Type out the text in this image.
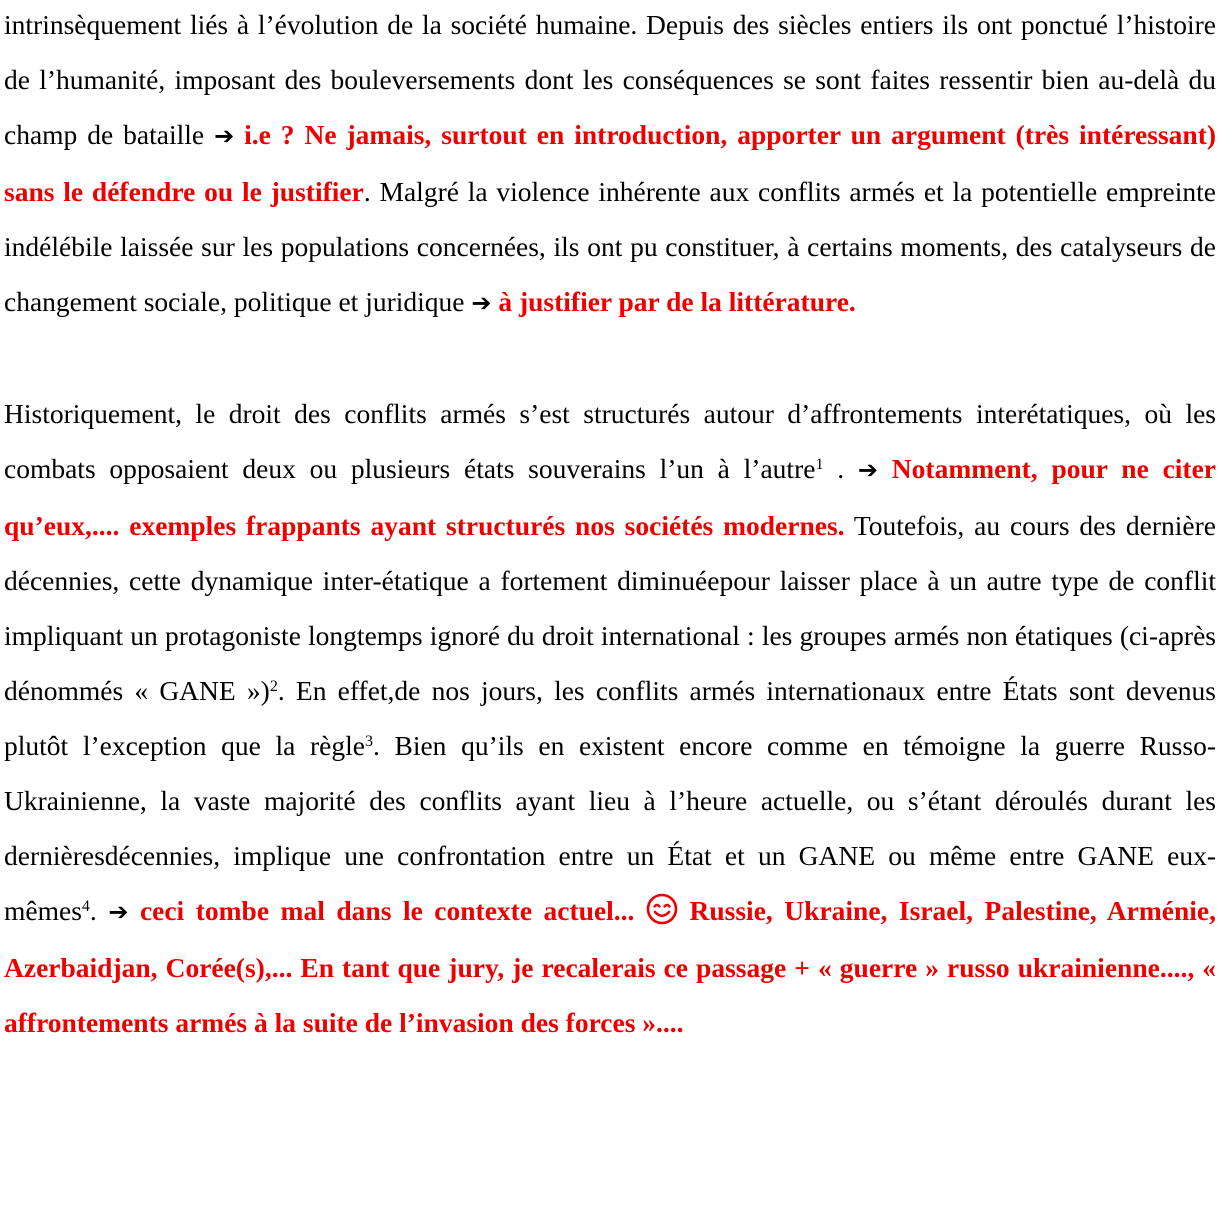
intrinsèquement liés à l’évolution de la société humaine. Depuis des siècles entiers ils ont ponctué l’histoire de l’humanité, imposant des bouleversements dont les conséquences se sont faites ressentir bien au-delà du champ de bataille ➔ i.e ? Ne jamais, surtout en introduction, apporter un argument (très intéressant) sans le défendre ou le justifier. Malgré la violence inhérente aux conflits armés et la potentielle empreinte indélébile laissée sur les populations concernées, ils ont pu constituer, à certains moments, des catalyseurs de changement sociale, politique et juridique ➔ à justifier par de la littérature.

Historiquement, le droit des conflits armés s’est structurés autour d’affrontements interétatiques, où les combats opposaient deux ou plusieurs états souverains l’un à l’autre$^1$ . ➔ Notamment, pour ne citer qu’eux,.... exemples frappants ayant structurés nos sociétés modernes. Toutefois, au cours des dernière décennies, cette dynamique inter-étatique a fortement diminuéepour laisser place à un autre type de conflit impliquant un protagoniste longtemps ignoré du droit international : les groupes armés non étatiques (ci-après dénommés « GANE »)$^2$. En effet,de nos jours, les conflits armés internationaux entre États sont devenus plutôt l’exception que la règle$^3$. Bien qu’ils en existent encore comme en témoigne la guerre Russo-Ukrainienne, la vaste majorité des conflits ayant lieu à l’heure actuelle, ou s’étant déroulés durant les dernièresdécennies, implique une confrontation entre un État et un GANE ou même entre GANE eux- mêmes$^4$. ➔ ceci tombe mal dans le contexte actuel...  Russie, Ukraine, Israel, Palestine, Arménie, Azerbaidjan, Corée(s),... En tant que jury, je recalerais ce passage + « guerre » russo ukrainienne...., « affrontements armés à la suite de l’invasion des forces »....
